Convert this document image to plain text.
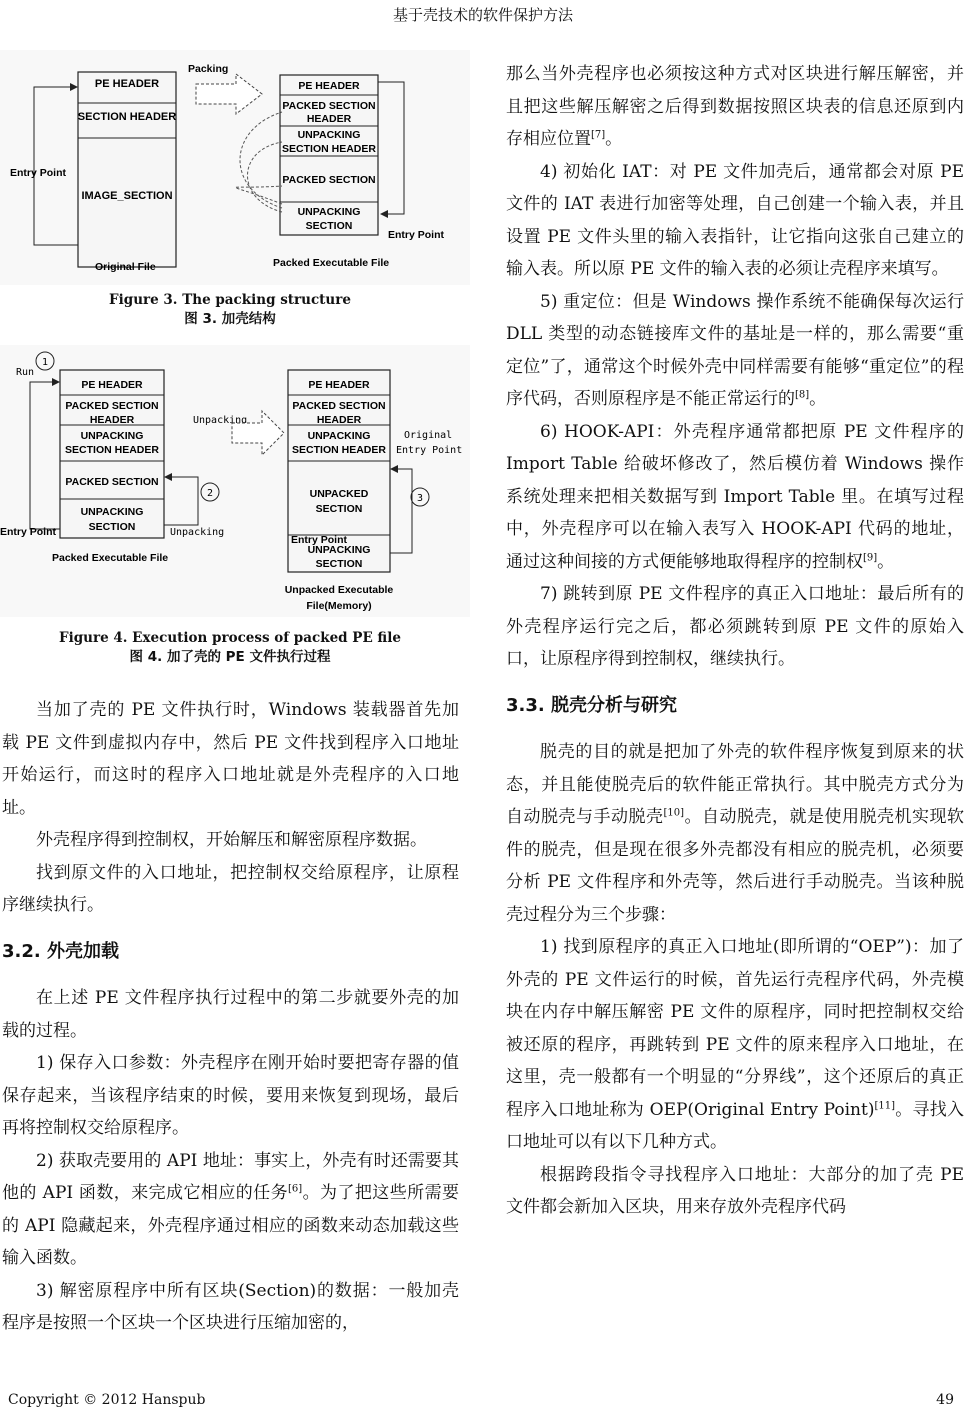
基于壳技术的软件保护方法
PE HEADER
SECTION HEADER
IMAGE_SECTION
Entry Point
Original File
Packing
PE HEADER
PACKED SECTION
HEADER
UNPACKING
SECTION HEADER
PACKED SECTION
UNPACKING
SECTION
Entry Point
Packed Executable File
Figure 3. The packing structure
图 3. 加壳结构
1
Run
PE HEADER
PACKED SECTION
HEADER
UNPACKING
SECTION HEADER
PACKED SECTION
UNPACKING
SECTION
Entry Point
2
Unpacking
Packed Executable File
Unpacking
PE HEADER
PACKED SECTION
HEADER
UNPACKING
SECTION HEADER
UNPACKED
SECTION
UNPACKING
SECTION
Entry Point
Original
Entry Point
3
Unpacked Executable
File(Memory)
Figure 4. Execution process of packed PE file
图 4. 加了壳的 PE 文件执行过程

当加了壳的 PE 文件执行时，Windows 装载器首先加载 PE 文件到虚拟内存中，然后 PE 文件找到程序入口地址开始运行，而这时的程序入口地址就是外壳程序的入口地址。

外壳程序得到控制权，开始解压和解密原程序数据。

找到原文件的入口地址，把控制权交给原程序，让原程序继续执行。

3.2. 外壳加载

在上述 PE 文件程序执行过程中的第二步就要外壳的加载的过程。

1) 保存入口参数：外壳程序在刚开始时要把寄存器的值保存起来，当该程序结束的时候，要用来恢复到现场，最后再将控制权交给原程序。

2) 获取壳要用的 API 地址：事实上，外壳有时还需要其他的 API 函数，来完成它相应的任务[6]。为了把这些所需要的 API 隐藏起来，外壳程序通过相应的函数来动态加载这些输入函数。

3) 解密原程序中所有区块(Section)的数据：一般加壳程序是按照一个区块一个区块进行压缩加密的，

那么当外壳程序也必须按这种方式对区块进行解压解密，并且把这些解压解密之后得到数据按照区块表的信息还原到内存相应位置[7]。

4) 初始化 IAT：对 PE 文件加壳后，通常都会对原 PE 文件的 IAT 表进行加密等处理，自己创建一个输入表，并且设置 PE 文件头里的输入表指针，让它指向这张自己建立的输入表。所以原 PE 文件的输入表的必须让壳程序来填写。

5) 重定位：但是 Windows 操作系统不能确保每次运行 DLL 类型的动态链接库文件的基址是一样的，那么需要“重定位”了，通常这个时候外壳中同样需要有能够“重定位”的程序代码，否则原程序是不能正常运行的[8]。

6) HOOK-API：外壳程序通常都把原 PE 文件程序的 Import Table 给破坏修改了，然后模仿着 Windows 操作系统处理来把相关数据写到 Import Table 里。在填写过程中，外壳程序可以在输入表写入 HOOK-API 代码的地址，通过这种间接的方式便能够地取得程序的控制权[9]。

7) 跳转到原 PE 文件程序的真正入口地址：最后所有的外壳程序运行完之后，都必须跳转到原 PE 文件的原始入口，让原程序得到控制权，继续执行。

3.3. 脱壳分析与研究

脱壳的目的就是把加了外壳的软件程序恢复到原来的状态，并且能使脱壳后的软件能正常执行。其中脱壳方式分为自动脱壳与手动脱壳[10]。自动脱壳，就是使用脱壳机实现软件的脱壳，但是现在很多外壳都没有相应的脱壳机，必须要分析 PE 文件程序和外壳等，然后进行手动脱壳。当该种脱壳过程分为三个步骤：

1) 找到原程序的真正入口地址(即所谓的“OEP”)：加了外壳的 PE 文件运行的时候，首先运行壳程序代码，外壳模块在内存中解压解密 PE 文件的原程序，同时把控制权交给被还原的程序，再跳转到 PE 文件的原来程序入口地址，在这里，壳一般都有一个明显的“分界线”，这个还原后的真正程序入口地址称为 OEP(Original Entry Point)[11]。寻找入口地址可以有以下几种方式。

根据跨段指令寻找程序入口地址：大部分的加了壳 PE 文件都会新加入区块，用来存放外壳程序代码

Copyright © 2012 Hanspub	49
